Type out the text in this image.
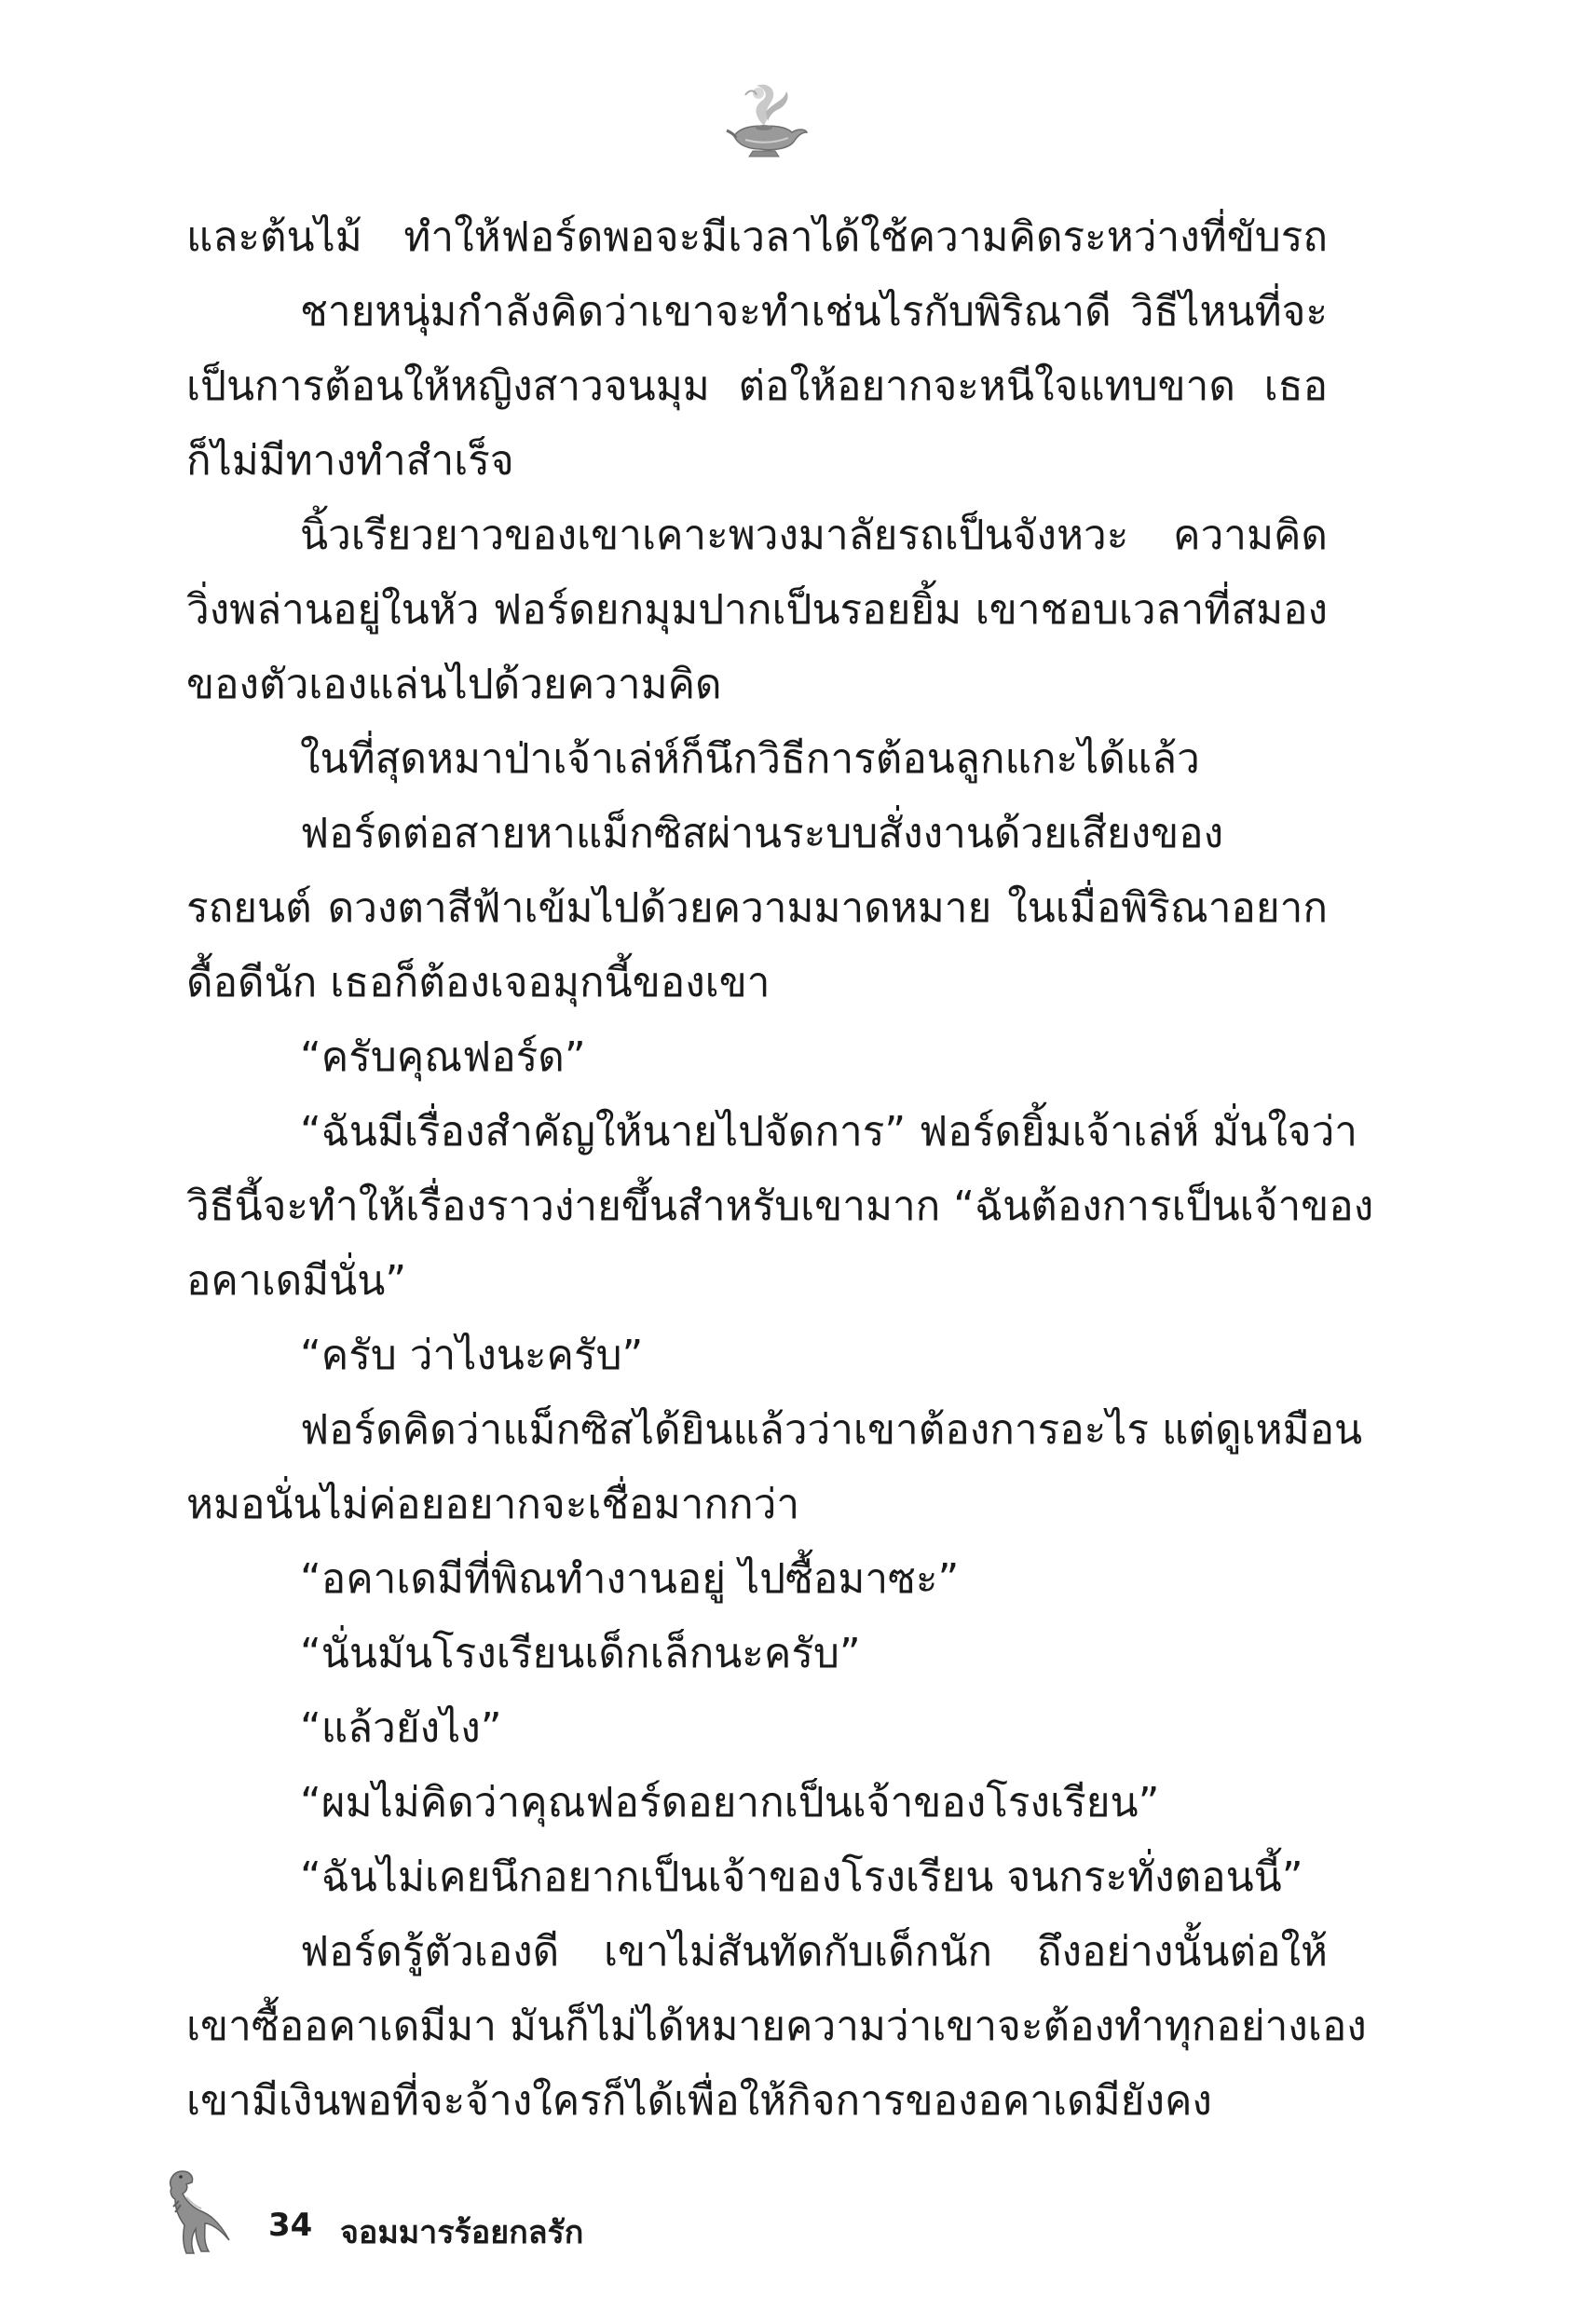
และต้นไม้ ทำให้ฟอร์ดพอจะมีเวลาได้ใช้ความคิดระหว่างที่ขับรถ
ชายหนุ่มกำลังคิดว่าเขาจะทำเช่นไรกับพิริณาดี วิธีไหนที่จะ
เป็นการต้อนให้หญิงสาวจนมุม ต่อให้อยากจะหนีใจแทบขาด เธอ
ก็ไม่มีทางทำสำเร็จ
นิ้วเรียวยาวของเขาเคาะพวงมาลัยรถเป็นจังหวะ ความคิด
วิ่งพล่านอยู่ในหัว ฟอร์ดยกมุมปากเป็นรอยยิ้ม เขาชอบเวลาที่สมอง
ของตัวเองแล่นไปด้วยความคิด
ในที่สุดหมาป่าเจ้าเล่ห์ก็นึกวิธีการต้อนลูกแกะได้แล้ว
ฟอร์ดต่อสายหาแม็กซิสผ่านระบบสั่งงานด้วยเสียงของ
รถยนต์ ดวงตาสีฟ้าเข้มไปด้วยความมาดหมาย ในเมื่อพิริณาอยาก
ดื้อดีนัก เธอก็ต้องเจอมุกนี้ของเขา
“ครับคุณฟอร์ด”
“ฉันมีเรื่องสำคัญให้นายไปจัดการ” ฟอร์ดยิ้มเจ้าเล่ห์ มั่นใจว่า
วิธีนี้จะทำให้เรื่องราวง่ายขึ้นสำหรับเขามาก “ฉันต้องการเป็นเจ้าของ
อคาเดมีนั่น”
“ครับ ว่าไงนะครับ”
ฟอร์ดคิดว่าแม็กซิสได้ยินแล้วว่าเขาต้องการอะไร แต่ดูเหมือน
หมอนั่นไม่ค่อยอยากจะเชื่อมากกว่า
“อคาเดมีที่พิณทำงานอยู่ ไปซื้อมาซะ”
“นั่นมันโรงเรียนเด็กเล็กนะครับ”
“แล้วยังไง”
“ผมไม่คิดว่าคุณฟอร์ดอยากเป็นเจ้าของโรงเรียน”
“ฉันไม่เคยนึกอยากเป็นเจ้าของโรงเรียน จนกระทั่งตอนนี้”
ฟอร์ดรู้ตัวเองดี เขาไม่สันทัดกับเด็กนัก ถึงอย่างนั้นต่อให้
เขาซื้ออคาเดมีมา มันก็ไม่ได้หมายความว่าเขาจะต้องทำทุกอย่างเอง
เขามีเงินพอที่จะจ้างใครก็ได้เพื่อให้กิจการของอคาเดมียังคง
34 จอมมารร้อยกลรัก
